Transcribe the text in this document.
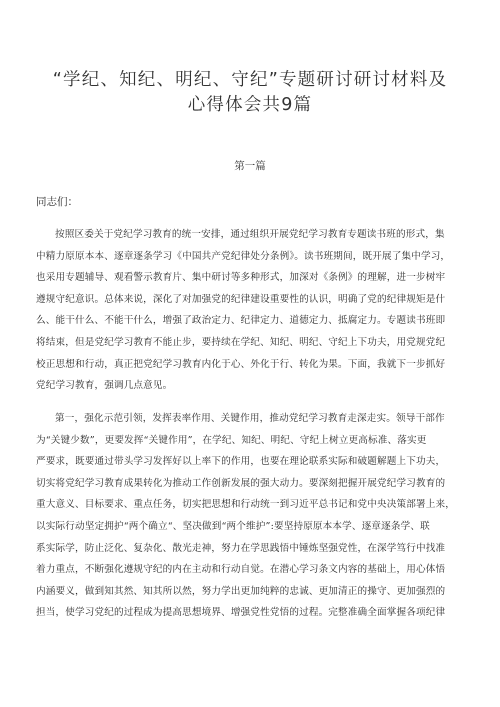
“学纪、知纪、明纪、守纪”专题研讨研讨材料及
心得体会共9篇
第一篇
同志们：
按照区委关于党纪学习教育的统一安排，通过组织开展党纪学习教育专题读书班的形式，集
中精力原原本本、逐章逐条学习《中国共产党纪律处分条例》。读书班期间，既开展了集中学习，
也采用专题辅导、观看警示教育片、集中研讨等多种形式，加深对《条例》的理解，进一步树牢
遵规守纪意识。总体来说，深化了对加强党的纪律建设重要性的认识，明确了党的纪律规矩是什
么、能干什么、不能干什么，增强了政治定力、纪律定力、道德定力、抵腐定力。专题读书班即
将结束，但是党纪学习教育不能止步，要持续在学纪、知纪、明纪、守纪上下功夫，用党规党纪
校正思想和行动，真正把党纪学习教育内化于心、外化于行、转化为果。下面，我就下一步抓好
党纪学习教育，强调几点意见。
第一，强化示范引领，发挥表率作用、关键作用，推动党纪学习教育走深走实。领导干部作
为“关键少数”，更要发挥“关键作用”，在学纪、知纪、明纪、守纪上树立更高标准、落实更
严要求，既要通过带头学习发挥好以上率下的作用，也要在理论联系实际和破题解题上下功夫，
切实将党纪学习教育成果转化为推动工作创新发展的强大动力。要深刻把握开展党纪学习教育的
重大意义、目标要求、重点任务，切实把思想和行动统一到习近平总书记和党中央决策部署上来，
以实际行动坚定拥护“两个确立“、坚决做到“两个维护”:要坚持原原本本学、逐章逐条学、联
系实际学，防止泛化、复杂化、散光走神，努力在学思践悟中锤炼坚强党性，在深学笃行中找准
着力重点，不断强化遵规守纪的内在主动和行动自觉。在潜心学习条文内容的基础上，用心体悟
内涵要义，做到知其然、知其所以然，努力学出更加纯粹的忠诚、更加清正的操守、更加强烈的
担当，使学习党纪的过程成为提高思想境界、增强党性党悟的过程。完整准确全面掌握各项纪律
